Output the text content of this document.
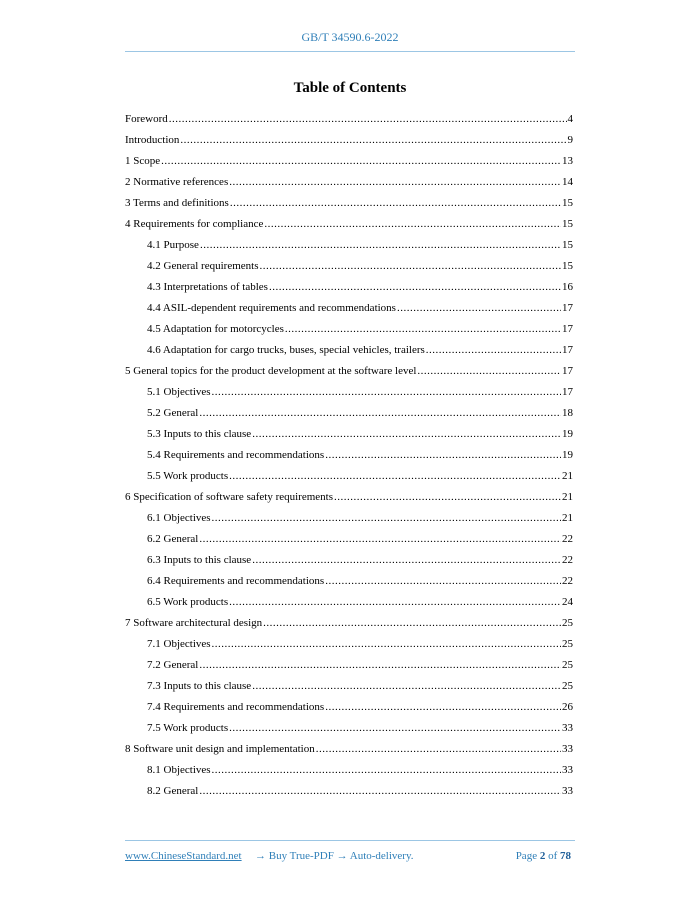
GB/T 34590.6-2022
Table of Contents
Foreword .....	4
Introduction .....	9
1 Scope .....	13
2 Normative references .....	14
3 Terms and definitions .....	15
4 Requirements for compliance .....	15
4.1 Purpose .....	15
4.2 General requirements .....	15
4.3 Interpretations of tables .....	16
4.4 ASIL-dependent requirements and recommendations .....	17
4.5 Adaptation for motorcycles .....	17
4.6 Adaptation for cargo trucks, buses, special vehicles, trailers .....	17
5 General topics for the product development at the software level .....	17
5.1 Objectives .....	17
5.2 General .....	18
5.3 Inputs to this clause .....	19
5.4 Requirements and recommendations .....	19
5.5 Work products .....	21
6 Specification of software safety requirements .....	21
6.1 Objectives .....	21
6.2 General .....	22
6.3 Inputs to this clause .....	22
6.4 Requirements and recommendations .....	22
6.5 Work products .....	24
7 Software architectural design .....	25
7.1 Objectives .....	25
7.2 General .....	25
7.3 Inputs to this clause .....	25
7.4 Requirements and recommendations .....	26
7.5 Work products .....	33
8 Software unit design and implementation .....	33
8.1 Objectives .....	33
8.2 General .....	33
www.ChineseStandard.net → Buy True-PDF → Auto-delivery.	Page 2 of 78
